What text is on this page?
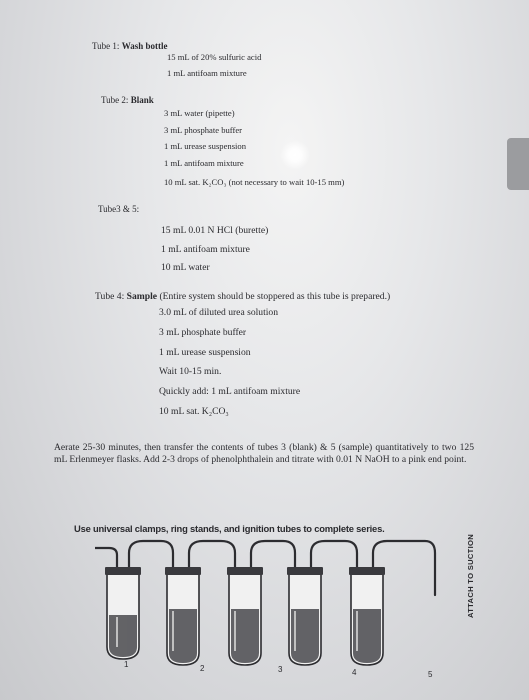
Tube 1: Wash bottle
15 mL of 20% sulfuric acid
1 mL antifoam mixture
Tube 2: Blank
3 mL water (pipette)
3 mL phosphate buffer
1 mL urease suspension
1 mL antifoam mixture
10 mL sat. K₂CO₃ (not necessary to wait 10-15 mm)
Tube3 & 5:
15 mL 0.01 N HCl (burette)
1 mL antifoam mixture
10 mL water
Tube 4: Sample (Entire system should be stoppered as this tube is prepared.)
3.0 mL of diluted urea solution
3 mL phosphate buffer
1 mL urease suspension
Wait 10-15 min.
Quickly add: 1 mL antifoam mixture
10 mL sat. K₂CO₃
Aerate 25-30 minutes, then transfer the contents of tubes 3 (blank) & 5 (sample) quantitatively to two 125 mL Erlenmeyer flasks. Add 2-3 drops of phenolphthalein and titrate with 0.01 N NaOH to a pink end point.
Use universal clamps, ring stands, and ignition tubes to complete series.
ATTACH TO SUCTION
1	2	3	4	5
